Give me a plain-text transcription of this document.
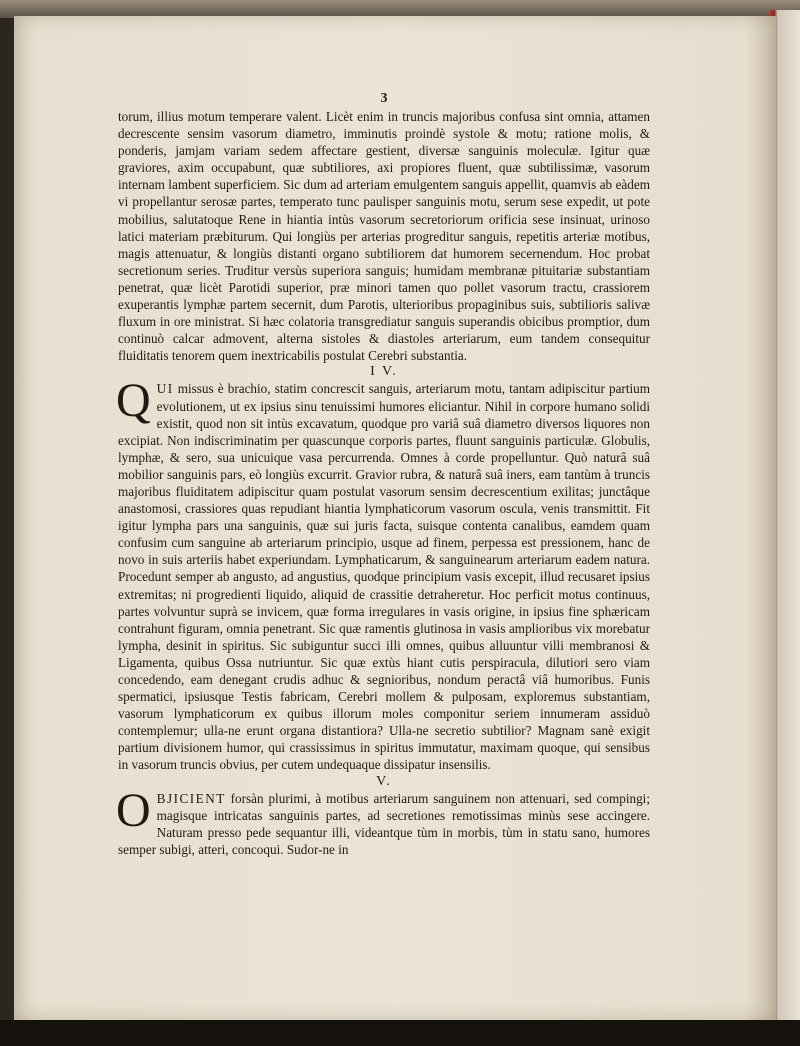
3

torum, illius motum temperare valent. Licèt enim in truncis majoribus confusa sint omnia, attamen decrescente sensim vasorum diametro, imminutis proindè systole & motu; ratione molis, & ponderis, jamjam variam sedem affectare gestient, diversæ sanguinis moleculæ. Igitur quæ graviores, axim occupabunt, quæ subtiliores, axi propiores fluent, quæ subtilissimæ, vasorum internam lambent superficiem. Sic dum ad arteriam emulgentem sanguis appellit, quamvis ab eàdem vi propellantur serosæ partes, temperato tunc paulisper sanguinis motu, serum sese expedit, ut pote mobilius, salutatoque Rene in hiantia intùs vasorum secretoriorum orificia sese insinuat, urinoso latici materiam præbiturum. Qui longiùs per arterias progreditur sanguis, repetitis arteriæ motibus, magis attenuatur, & longiùs distanti organo subtiliorem dat humorem secernendum. Hoc probat secretionum series. Truditur versùs superiora sanguis; humidam membranæ pituitariæ substantiam penetrat, quæ licèt Parotidi superior, præ minori tamen quo pollet vasorum tractu, crassiorem exuperantis lymphæ partem secernit, dum Parotis, ulterioribus propaginibus suis, subtilioris salivæ fluxum in ore ministrat. Si hæc colatoria transgrediatur sanguis superandis obicibus promptior, dum continuò calcar admovent, alterna sistoles & diastoles arteriarum, eum tandem consequitur fluiditatis tenorem quem inextricabilis postulat Cerebri substantia.

I V.

QUI missus è brachio, statim concrescit sanguis, arteriarum motu, tantam adipiscitur partium evolutionem, ut ex ipsius sinu tenuissimi humores eliciantur. Nihil in corpore humano solidi existit, quod non sit intùs excavatum, quodque pro variâ suâ diametro diversos liquores non excipiat. Non indiscriminatim per quascunque corporis partes, fluunt sanguinis particulæ. Globulis, lymphæ, & sero, sua unicuique vasa percurrenda. Omnes à corde propelluntur. Quò naturâ suâ mobilior sanguinis pars, eò longiùs excurrit. Gravior rubra, & naturâ suâ iners, eam tantùm à truncis majoribus fluiditatem adipiscitur quam postulat vasorum sensim decrescentium exilitas; junctâque anastomosi, crassiores quas repudiant hiantia lymphaticorum vasorum oscula, venis transmittit. Fit igitur lympha pars una sanguinis, quæ sui juris facta, suisque contenta canalibus, eamdem quam confusim cum sanguine ab arteriarum principio, usque ad finem, perpessa est pressionem, hanc de novo in suis arteriis habet experiundam. Lymphaticarum, & sanguinearum arteriarum eadem natura. Procedunt semper ab angusto, ad angustius, quodque principium vasis excepit, illud recusaret ipsius extremitas; ni progredienti liquido, aliquid de crassitie detraheretur. Hoc perficit motus continuus, partes volvuntur suprà se invicem, quæ forma irregulares in vasis origine, in ipsius fine sphæricam contrahunt figuram, omnia penetrant. Sic quæ ramentis glutinosa in vasis amplioribus vix morebatur lympha, desinit in spiritus. Sic subiguntur succi illi omnes, quibus alluuntur villi membranosi & Ligamenta, quibus Ossa nutriuntur. Sic quæ extùs hiant cutis perspiracula, dilutiori sero viam concedendo, eam denegant crudis adhuc & segnioribus, nondum peractâ viâ humoribus. Funis spermatici, ipsiusque Testis fabricam, Cerebri mollem & pulposam, exploremus substantiam, vasorum lymphaticorum ex quibus illorum moles componitur seriem innumeram assiduò contemplemur; ulla-ne erunt organa distantiora? Ulla-ne secretio subtilior? Magnam sanè exigit partium divisionem humor, qui crassissimus in spiritus immutatur, maximam quoque, qui sensibus in vasorum truncis obvius, per cutem undequaque dissipatur insensilis.

V.

OBJICIENT forsàn plurimi, à motibus arteriarum sanguinem non attenuari, sed compingi; magisque intricatas sanguinis partes, ad secretiones remotissimas minùs sese accingere. Naturam presso pede sequantur illi, videantque tùm in morbis, tùm in statu sano, humores semper subigi, atteri, concoqui. Sudor-ne in
